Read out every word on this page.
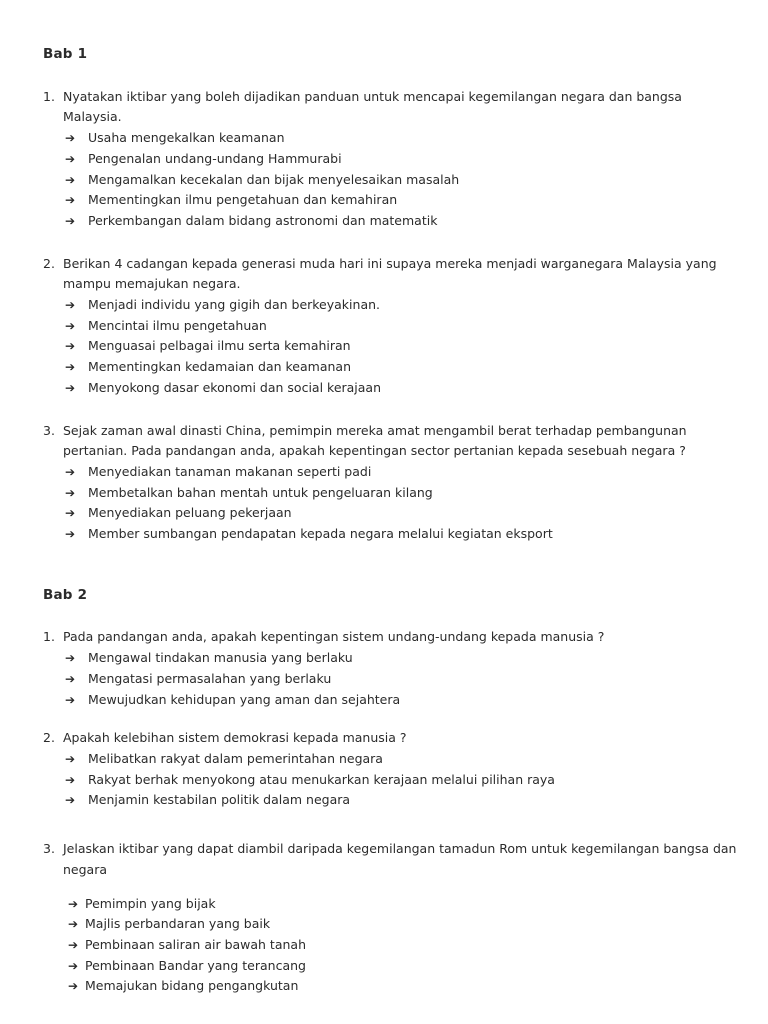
Bab 1
1. Nyatakan iktibar yang boleh dijadikan panduan untuk mencapai kegemilangan negara dan bangsa Malaysia.
➔	Usaha mengekalkan keamanan
➔	Pengenalan undang-undang Hammurabi
➔	Mengamalkan kecekalan dan bijak menyelesaikan masalah
➔	Mementingkan ilmu pengetahuan dan kemahiran
➔	Perkembangan dalam bidang astronomi dan matematik
2. Berikan 4 cadangan kepada generasi muda hari ini supaya mereka menjadi warganegara Malaysia yang mampu memajukan negara.
➔	Menjadi individu yang gigih dan berkeyakinan.
➔	Mencintai ilmu pengetahuan
➔	Menguasai pelbagai ilmu serta kemahiran
➔	Mementingkan kedamaian dan keamanan
➔	Menyokong dasar ekonomi dan social kerajaan
3. Sejak zaman awal dinasti China, pemimpin mereka amat mengambil berat terhadap pembangunan pertanian. Pada pandangan anda, apakah kepentingan sector pertanian kepada sesebuah negara ?
➔	Menyediakan tanaman makanan seperti padi
➔	Membetalkan bahan mentah untuk pengeluaran kilang
➔	Menyediakan peluang pekerjaan
➔	Member sumbangan pendapatan kepada negara melalui kegiatan eksport
Bab 2
1. Pada pandangan anda, apakah kepentingan sistem undang-undang kepada manusia ?
➔	Mengawal tindakan manusia yang berlaku
➔	Mengatasi permasalahan yang berlaku
➔	Mewujudkan kehidupan yang aman dan sejahtera
2. Apakah kelebihan sistem demokrasi kepada manusia ?
➔	Melibatkan rakyat dalam pemerintahan negara
➔	Rakyat berhak menyokong atau menukarkan kerajaan melalui pilihan raya
➔	Menjamin kestabilan politik dalam negara
3. Jelaskan iktibar yang dapat diambil daripada kegemilangan tamadun Rom untuk kegemilangan bangsa dan negara
➔ Pemimpin yang bijak
➔ Majlis perbandaran yang baik
➔ Pembinaan saliran air bawah tanah
➔ Pembinaan Bandar yang terancang
➔ Memajukan bidang pengangkutan
